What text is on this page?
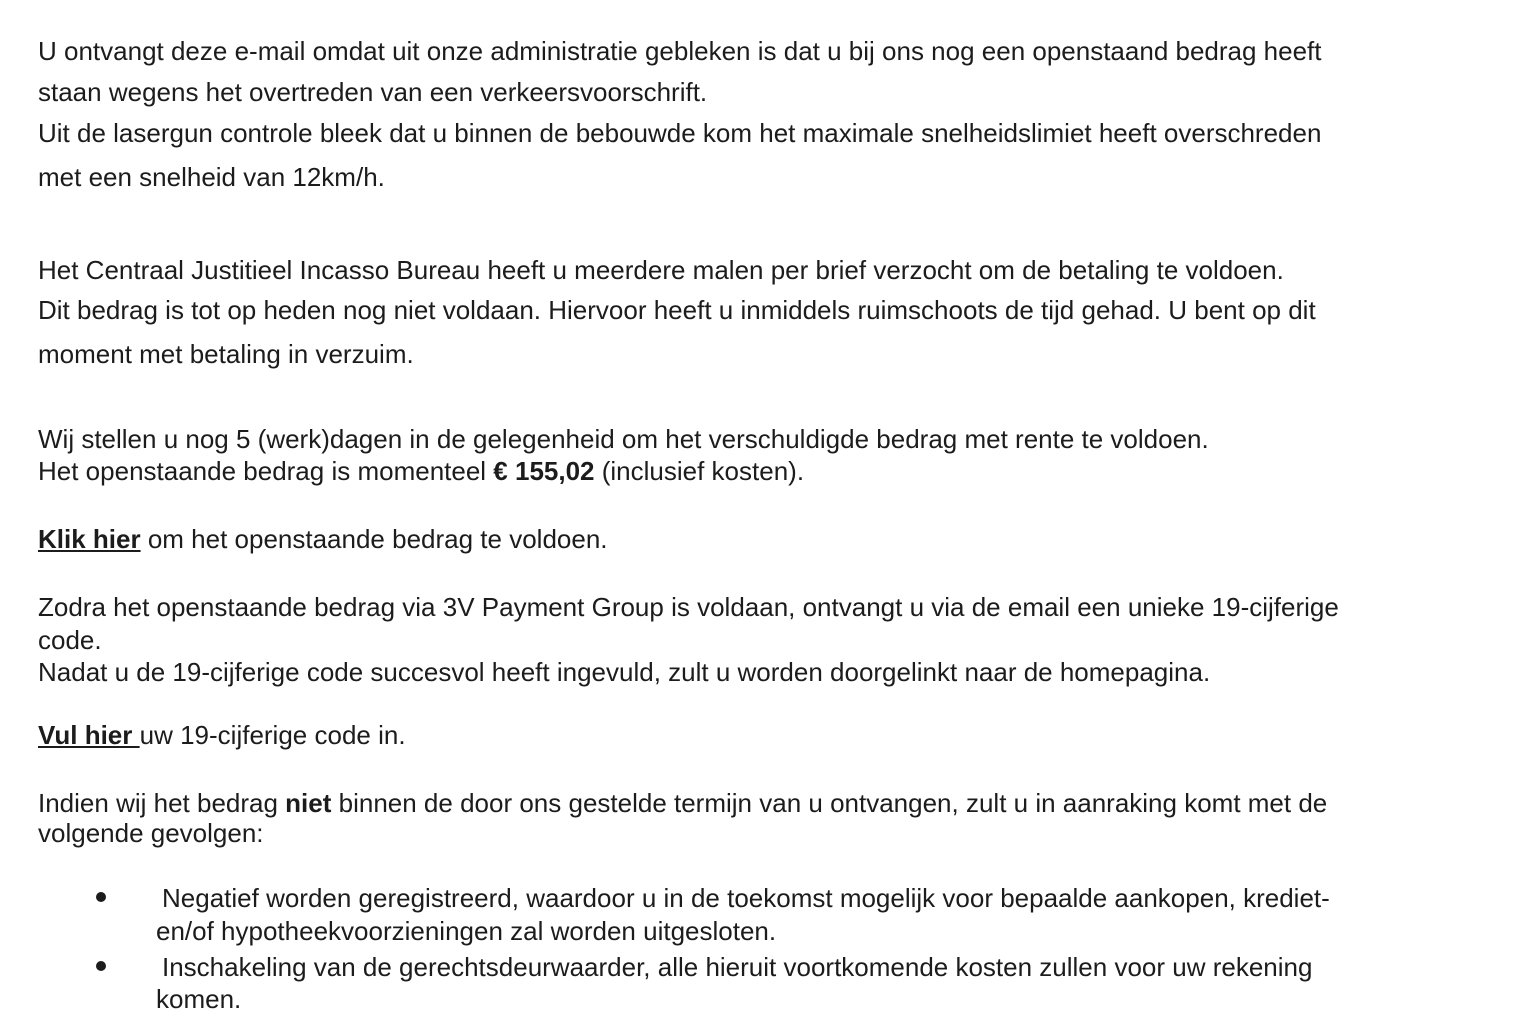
U ontvangt deze e-mail omdat uit onze administratie gebleken is dat u bij ons nog een openstaand bedrag heeft
staan wegens het overtreden van een verkeersvoorschrift.
Uit de lasergun controle bleek dat u binnen de bebouwde kom het maximale snelheidslimiet heeft overschreden
met een snelheid van 12km/h.
Het Centraal Justitieel Incasso Bureau heeft u meerdere malen per brief verzocht om de betaling te voldoen.
Dit bedrag is tot op heden nog niet voldaan. Hiervoor heeft u inmiddels ruimschoots de tijd gehad. U bent op dit
moment met betaling in verzuim.
Wij stellen u nog 5 (werk)dagen in de gelegenheid om het verschuldigde bedrag met rente te voldoen.
Het openstaande bedrag is momenteel € 155,02 (inclusief kosten).
Klik hier om het openstaande bedrag te voldoen.
Zodra het openstaande bedrag via 3V Payment Group is voldaan, ontvangt u via de email een unieke 19-cijferige
code.
Nadat u de 19-cijferige code succesvol heeft ingevuld, zult u worden doorgelinkt naar de homepagina.
Vul hier uw 19-cijferige code in.
Indien wij het bedrag niet binnen de door ons gestelde termijn van u ontvangen, zult u in aanraking komt met de
volgende gevolgen:
Negatief worden geregistreerd, waardoor u in de toekomst mogelijk voor bepaalde aankopen, krediet-
en/of hypotheekvoorzieningen zal worden uitgesloten.
Inschakeling van de gerechtsdeurwaarder, alle hieruit voortkomende kosten zullen voor uw rekening
komen.
